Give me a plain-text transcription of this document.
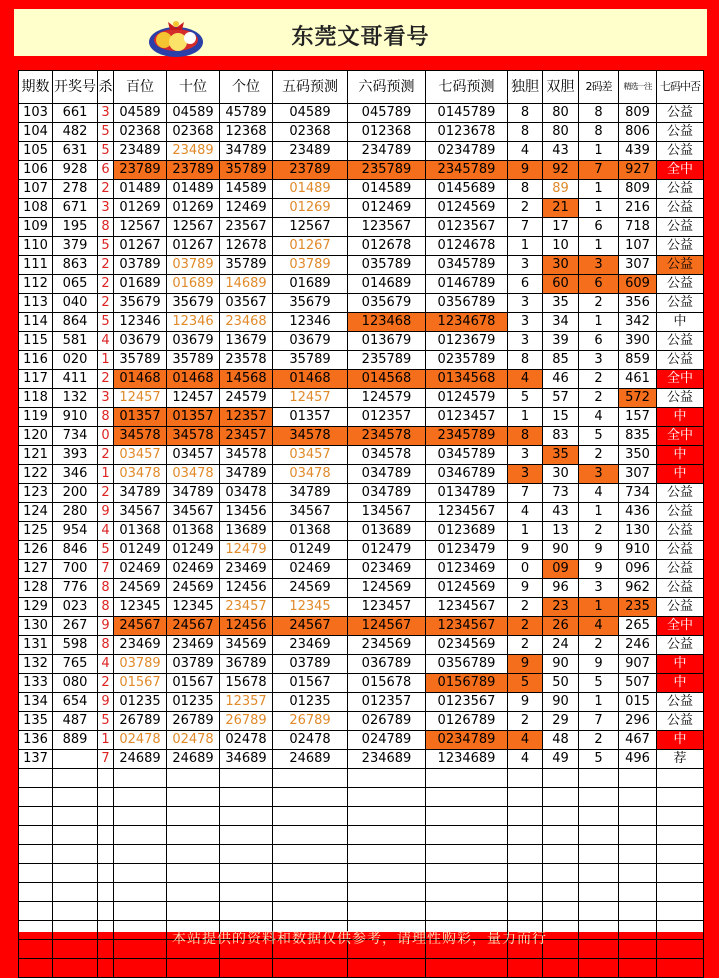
东莞文哥看号
期数	开奖号	杀	百位	十位	个位	五码预测	六码预测	七码预测	独胆	双胆	2码差	精选一注	七码中否
103	661	3	04589	04589	45789	04589	045789	0145789	8	80	8	809	公益
104	482	5	02368	02368	12368	02368	012368	0123678	8	80	8	806	公益
105	631	5	23489	23489	34789	23489	234789	0234789	4	43	1	439	公益
106	928	6	23789	23789	35789	23789	235789	2345789	9	92	7	927	全中
107	278	2	01489	01489	14589	01489	014589	0145689	8	89	1	809	公益
108	671	3	01269	01269	12469	01269	012469	0124569	2	21	1	216	公益
109	195	8	12567	12567	23567	12567	123567	0123567	7	17	6	718	公益
110	379	5	01267	01267	12678	01267	012678	0124678	1	10	1	107	公益
111	863	2	03789	03789	35789	03789	035789	0345789	3	30	3	307	公益
112	065	2	01689	01689	14689	01689	014689	0146789	6	60	6	609	公益
113	040	2	35679	35679	03567	35679	035679	0356789	3	35	2	356	公益
114	864	5	12346	12346	23468	12346	123468	1234678	3	34	1	342	中
115	581	4	03679	03679	13679	03679	013679	0123679	3	39	6	390	公益
116	020	1	35789	35789	23578	35789	235789	0235789	8	85	3	859	公益
117	411	2	01468	01468	14568	01468	014568	0134568	4	46	2	461	全中
118	132	3	12457	12457	24579	12457	124579	0124579	5	57	2	572	公益
119	910	8	01357	01357	12357	01357	012357	0123457	1	15	4	157	中
120	734	0	34578	34578	23457	34578	234578	2345789	8	83	5	835	全中
121	393	2	03457	03457	34578	03457	034578	0345789	3	35	2	350	中
122	346	1	03478	03478	34789	03478	034789	0346789	3	30	3	307	中
123	200	2	34789	34789	03478	34789	034789	0134789	7	73	4	734	公益
124	280	9	34567	34567	13456	34567	134567	1234567	4	43	1	436	公益
125	954	4	01368	01368	13689	01368	013689	0123689	1	13	2	130	公益
126	846	5	01249	01249	12479	01249	012479	0123479	9	90	9	910	公益
127	700	7	02469	02469	23469	02469	023469	0123469	0	09	9	096	公益
128	776	8	24569	24569	12456	24569	124569	0124569	9	96	3	962	公益
129	023	8	12345	12345	23457	12345	123457	1234567	2	23	1	235	公益
130	267	9	24567	24567	12456	24567	124567	1234567	2	26	4	265	全中
131	598	8	23469	23469	34569	23469	234569	0234569	2	24	2	246	公益
132	765	4	03789	03789	36789	03789	036789	0356789	9	90	9	907	中
133	080	2	01567	01567	15678	01567	015678	0156789	5	50	5	507	中
134	654	9	01235	01235	12357	01235	012357	0123567	9	90	1	015	公益
135	487	5	26789	26789	26789	26789	026789	0126789	2	29	7	296	公益
136	889	1	02478	02478	02478	02478	024789	0234789	4	48	2	467	中
137		7	24689	24689	34689	24689	234689	1234689	4	49	5	496	荐

本站提供的资料和数据仅供参考，请理性购彩，量力而行
